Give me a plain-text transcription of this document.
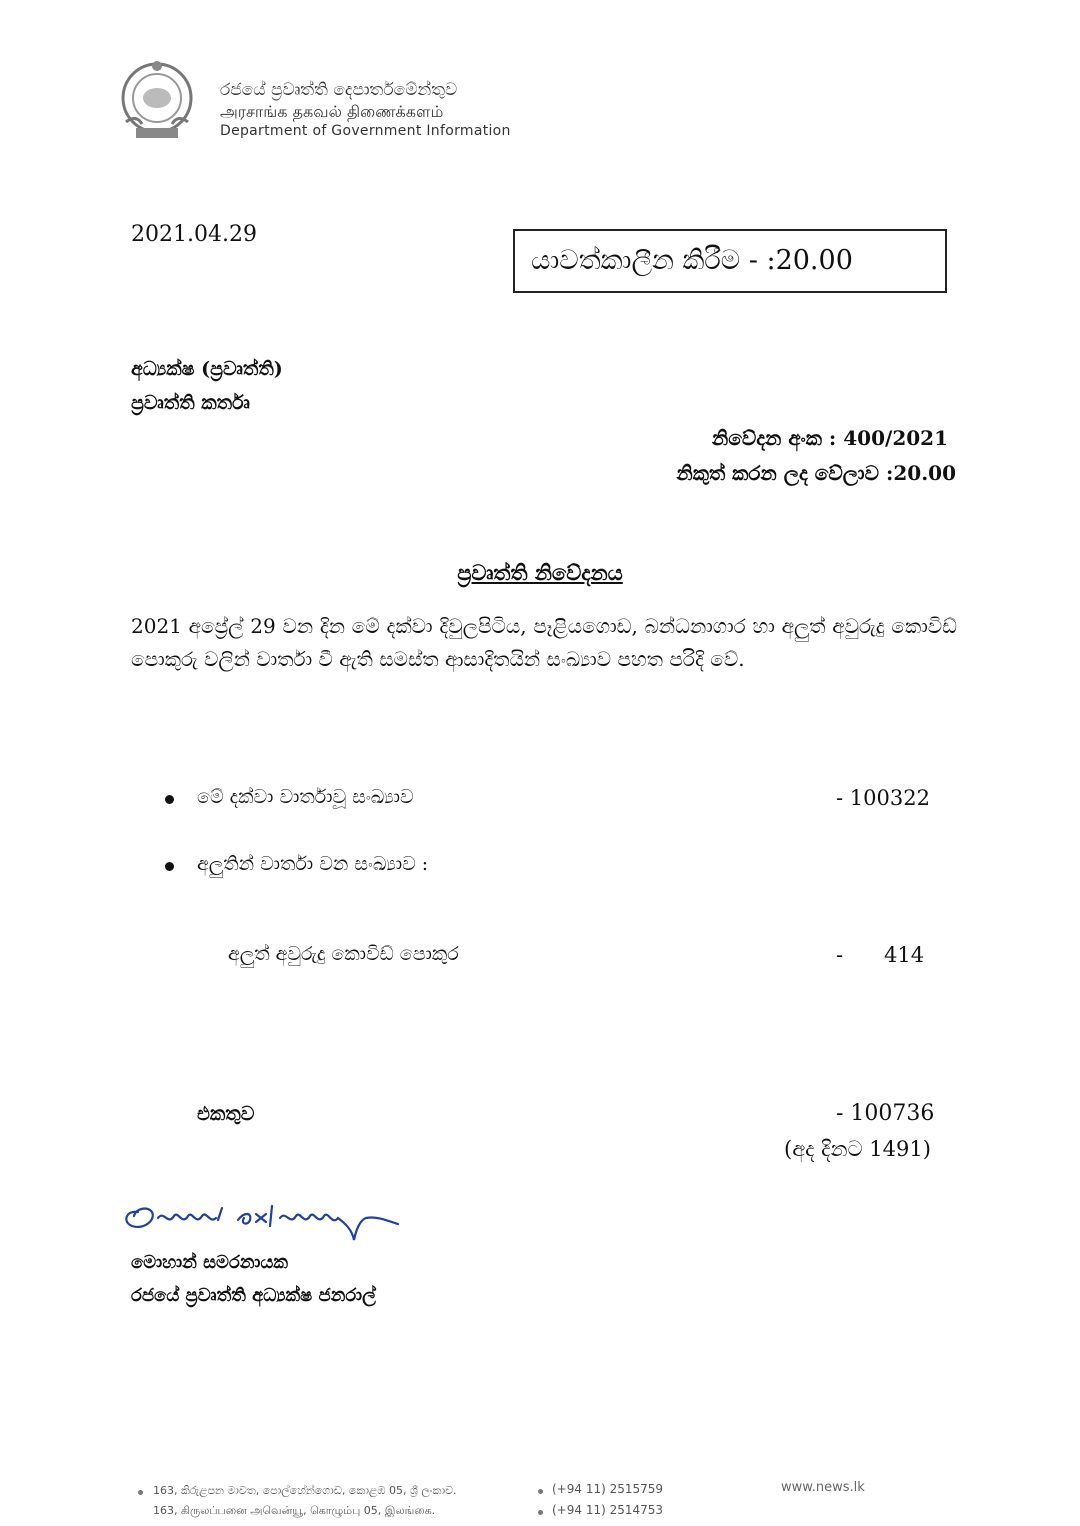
රජයේ ප්‍රවෘත්ති දෙපාර්තමේන්තුව
அரசாங்க தகவல் திணைக்களம்
Department of Government Information
2021.04.29
යාවත්කාලීන කිරීම - :20.00
අධ්‍යක්ෂ (ප්‍රවෘත්ති)
ප්‍රවෘත්ති කර්තෘ
නිවේදන අංක : 400/2021
නිකුත් කරන ලද වේලාව :20.00
ප්‍රවෘත්ති නිවේදනය
2021 අප්‍රේල් 29 වන දින මේ දක්වා දිවුලපිටිය, පෑළියගොඩ, බන්ධනාගාර හා අලුත් අවුරුදු කොවිඩ් පොකුරු වලින් වාර්තා වී ඇති සමස්ත ආසාදිතයින් සංඛ්‍යාව පහත පරිදි වේ.
මේ දක්වා වාර්තාවූ සංඛ්‍යාව	- 100322
අලුතින් වාර්තා වන සංඛ්‍යාව :
අලුත් අවුරුදු කොවිඩ් පොකුර	- 414
එකතුව	- 100736
(අද දිනට 1491)
මොහාන් සමරනායක
රජයේ ප්‍රවෘත්ති අධ්‍යක්ෂ ජනරාල්
163, කිරුළපන මාවත, පොල්හේන්ගොඩ, කොළඹ 05, ශ්‍රී ලංකාව.
163, கிருலப்பனை அவென்யூ, கொழும்பு 05, இலங்கை.
(+94 11) 2515759
(+94 11) 2514753
www.news.lk
